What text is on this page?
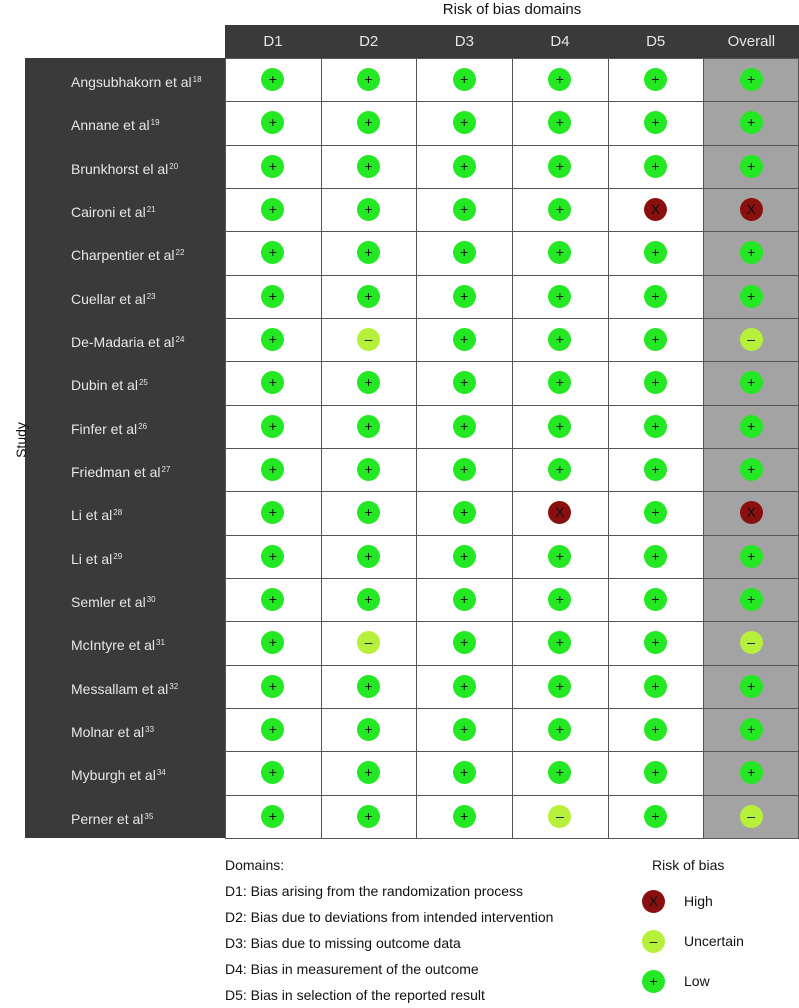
Risk of bias domains
Study
D1	D2	D3	D4	D5	Overall
Angsubhakorn et $al^{18}$	+	+	+	+	+	+
Annane et $al^{19}$	+	+	+	+	+	+
Brunkhorst el $al^{20}$	+	+	+	+	+	+
Caironi et $al^{21}$	+	+	+	+	X	X
Charpentier et $al^{22}$	+	+	+	+	+	+
Cuellar et $al^{23}$	+	+	+	+	+	+
De-Madaria et $al^{24}$	+	–	+	+	+	–
Dubin et $al^{25}$	+	+	+	+	+	+
Finfer et $al^{26}$	+	+	+	+	+	+
Friedman et $al^{27}$	+	+	+	+	+	+
Li et $al^{28}$	+	+	+	X	+	X
Li et $al^{29}$	+	+	+	+	+	+
Semler et $al^{30}$	+	+	+	+	+	+
McIntyre et $al^{31}$	+	–	+	+	+	–
Messallam et $al^{32}$	+	+	+	+	+	+
Molnar et $al^{33}$	+	+	+	+	+	+
Myburgh et $al^{34}$	+	+	+	+	+	+
Perner et $al^{35}$	+	+	+	–	+	–
Domains:
D1: Bias arising from the randomization process
D2: Bias due to deviations from intended intervention
D3: Bias due to missing outcome data
D4: Bias in measurement of the outcome
D5: Bias in selection of the reported result
Risk of bias
X	High
–	Uncertain
+	Low
